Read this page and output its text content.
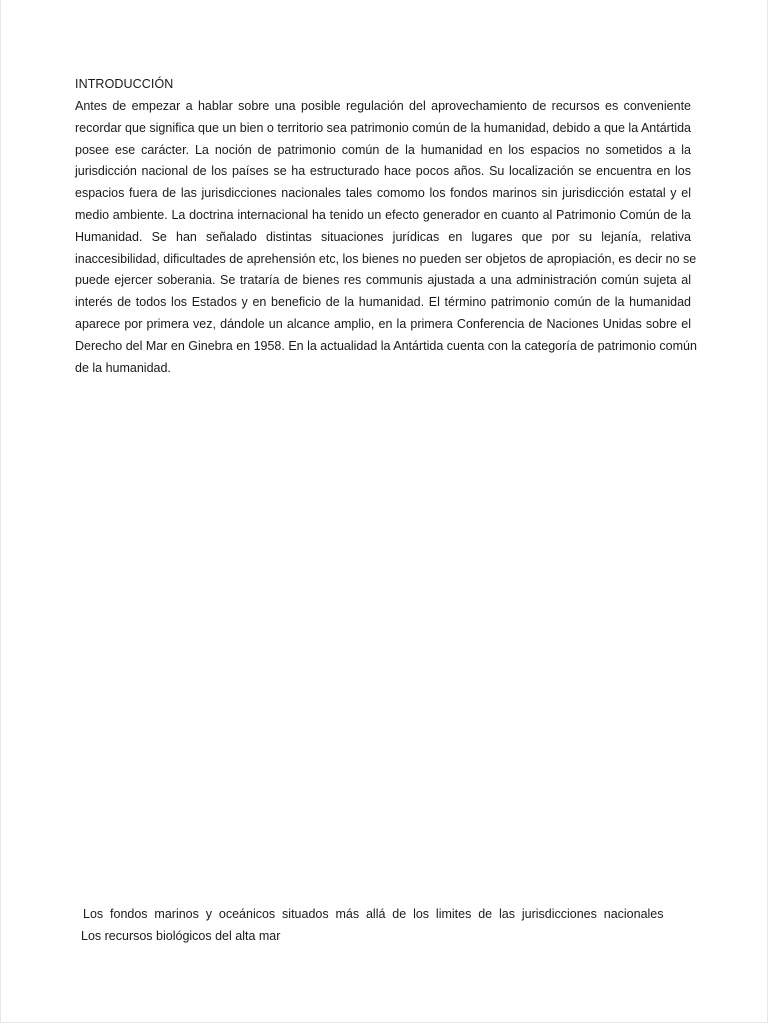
INTRODUCCIÓN
Antes de empezar a hablar sobre una posible regulación del aprovechamiento de recursos es conveniente
recordar que significa que un bien o territorio sea patrimonio común de la humanidad, debido a que la Antártida
posee ese carácter. La noción de patrimonio común de la humanidad en los espacios no sometidos a la
jurisdicción nacional de los países se ha estructurado hace pocos años. Su localización se encuentra en los
espacios fuera de las jurisdicciones nacionales tales comomo los fondos marinos sin jurisdicción estatal y el
medio ambiente. La doctrina internacional ha tenido un efecto generador en cuanto al Patrimonio Común de la
Humanidad. Se han señalado distintas situaciones jurídicas en lugares que por su lejanía, relativa
inaccesibilidad, dificultades de aprehensión etc, los bienes no pueden ser objetos de apropiación, es decir no se
puede ejercer soberania. Se trataría de bienes res communis ajustada a una administración común sujeta al
interés de todos los Estados y en beneficio de la humanidad. El término patrimonio común de la humanidad
aparece por primera vez, dándole un alcance amplio, en la primera Conferencia de Naciones Unidas sobre el
Derecho del Mar en Ginebra en 1958. En la actualidad la Antártida cuenta con la categoría de patrimonio común
de la humanidad.
Los fondos marinos y oceánicos situados más allá de los limites de las jurisdicciones nacionales
Los recursos biológicos del alta mar
